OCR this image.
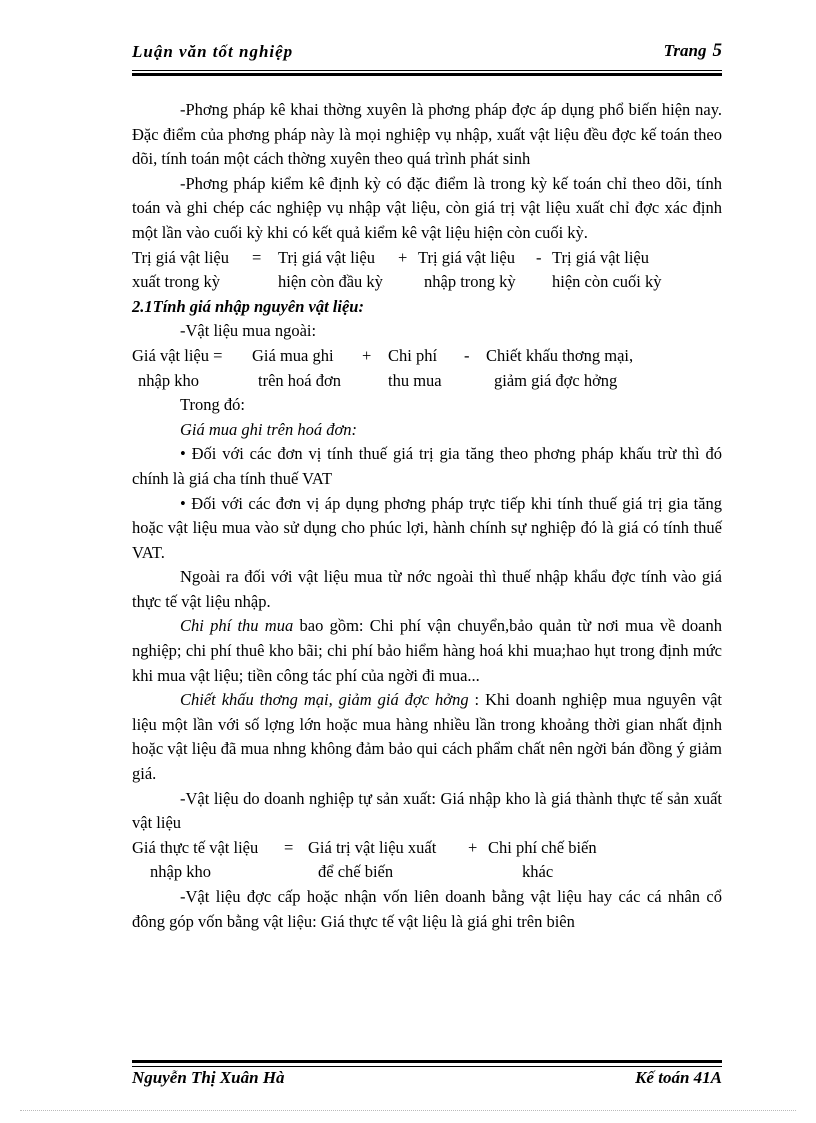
Luận văn tốt nghiệp	Trang 5

-Phơng pháp kê khai thờng xuyên là phơng pháp đợc áp dụng phổ biến hiện nay. Đặc điểm của phơng pháp này là mọi nghiệp vụ nhập, xuất vật liệu đều đợc kế toán theo dõi, tính toán một cách thờng xuyên theo quá trình phát sinh

-Phơng pháp kiểm kê định kỳ có đặc điểm là trong kỳ kế toán chỉ theo dõi, tính toán và ghi chép các nghiệp vụ nhập vật liệu, còn giá trị vật liệu xuất chỉ đợc xác định một lần vào cuối kỳ khi có kết quả kiểm kê vật liệu hiện còn cuối kỳ.

Trị giá vật liệu = Trị giá vật liệu + Trị giá vật liệu - Trị giá vật liệu
xuất trong kỳ	hiện còn đầu kỳ nhập trong kỳ hiện còn cuối kỳ

2.1Tính giá nhập nguyên vật liệu:

-Vật liệu mua ngoài:

Giá vật liệu = Giá mua ghi + Chi phí - Chiết khấu thơng mại,
nhập kho	trên hoá đơn	thu mua	giảm giá đợc hởng

Trong đó:

Giá mua ghi trên hoá đơn:

• Đối với các đơn vị tính thuế giá trị gia tăng theo phơng pháp khấu trừ thì đó chính là giá cha tính thuế VAT

• Đối với các đơn vị áp dụng phơng pháp trực tiếp khi tính thuế giá trị gia tăng hoặc vật liệu mua vào sử dụng cho phúc lợi, hành chính sự nghiệp đó là giá có tính thuế VAT.

Ngoài ra đối với vật liệu mua từ nớc ngoài thì thuế nhập khẩu đợc tính vào giá thực tế vật liệu nhập.

Chi phí thu mua bao gồm: Chi phí vận chuyển,bảo quản từ nơi mua về doanh nghiệp; chi phí thuê kho bãi; chi phí bảo hiểm hàng hoá khi mua;hao hụt trong định mức khi mua vật liệu; tiền công tác phí của ngời đi mua...

Chiết khấu thơng mại, giảm giá đợc hởng : Khi doanh nghiệp mua nguyên vật liệu một lần với số lợng lớn hoặc mua hàng nhiều lần trong khoảng thời gian nhất định hoặc vật liệu đã mua nhng không đảm bảo qui cách phẩm chất nên ngời bán đồng ý giảm giá.

-Vật liệu do doanh nghiệp tự sản xuất: Giá nhập kho là giá thành thực tế sản xuất vật liệu

Giá thực tế vật liệu = Giá trị vật liệu xuất + Chi phí chế biến
nhập kho	để chế biến	khác

-Vật liệu đợc cấp hoặc nhận vốn liên doanh bằng vật liệu hay các cá nhân cổ đông góp vốn bằng vật liệu: Giá thực tế vật liệu là giá ghi trên biên

Nguyễn Thị Xuân Hà	Kế toán 41A
